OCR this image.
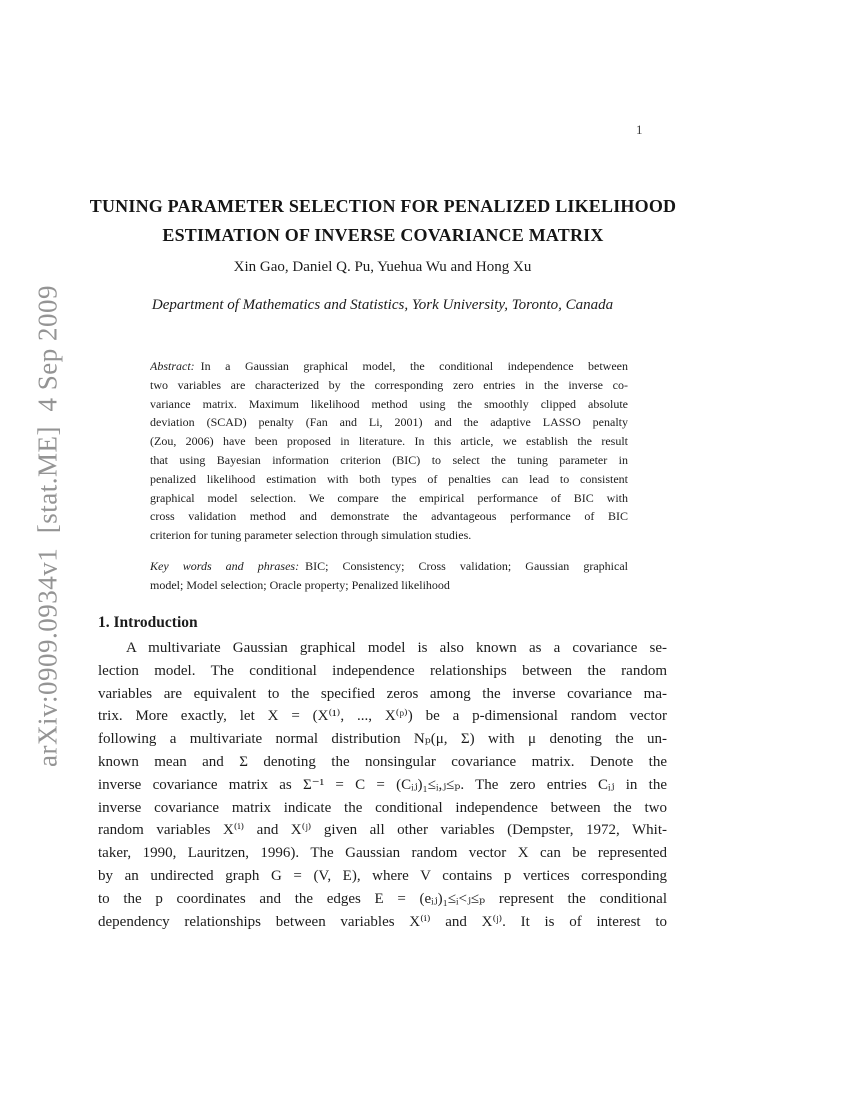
1
arXiv:0909.0934v1  [stat.ME]  4 Sep 2009
TUNING PARAMETER SELECTION FOR PENALIZED LIKELIHOOD
ESTIMATION OF INVERSE COVARIANCE MATRIX
Xin Gao, Daniel Q. Pu, Yuehua Wu and Hong Xu
Department of Mathematics and Statistics, York University, Toronto, Canada
Abstract: In a Gaussian graphical model, the conditional independence between
two variables are characterized by the corresponding zero entries in the inverse co-
variance matrix. Maximum likelihood method using the smoothly clipped absolute
deviation (SCAD) penalty (Fan and Li, 2001) and the adaptive LASSO penalty
(Zou, 2006) have been proposed in literature. In this article, we establish the result
that using Bayesian information criterion (BIC) to select the tuning parameter in
penalized likelihood estimation with both types of penalties can lead to consistent
graphical model selection. We compare the empirical performance of BIC with
cross validation method and demonstrate the advantageous performance of BIC
criterion for tuning parameter selection through simulation studies.
Key words and phrases: BIC; Consistency; Cross validation; Gaussian graphical
model; Model selection; Oracle property; Penalized likelihood
1. Introduction
A multivariate Gaussian graphical model is also known as a covariance se-
lection model. The conditional independence relationships between the random
variables are equivalent to the specified zeros among the inverse covariance ma-
trix. More exactly, let X = (X⁽¹⁾, ..., X⁽ᵖ⁾) be a p-dimensional random vector
following a multivariate normal distribution Nₚ(μ, Σ) with μ denoting the un-
known mean and Σ denoting the nonsingular covariance matrix. Denote the
inverse covariance matrix as Σ⁻¹ = C = (Cᵢⱼ)₁≤ᵢ,ⱼ≤ₚ. The zero entries Cᵢⱼ in the
inverse covariance matrix indicate the conditional independence between the two
random variables X⁽ⁱ⁾ and X⁽ʲ⁾ given all other variables (Dempster, 1972, Whit-
taker, 1990, Lauritzen, 1996). The Gaussian random vector X can be represented
by an undirected graph G = (V, E), where V contains p vertices corresponding
to the p coordinates and the edges E = (eᵢⱼ)₁≤ᵢ<ⱼ≤ₚ represent the conditional
dependency relationships between variables X⁽ⁱ⁾ and X⁽ʲ⁾. It is of interest to
